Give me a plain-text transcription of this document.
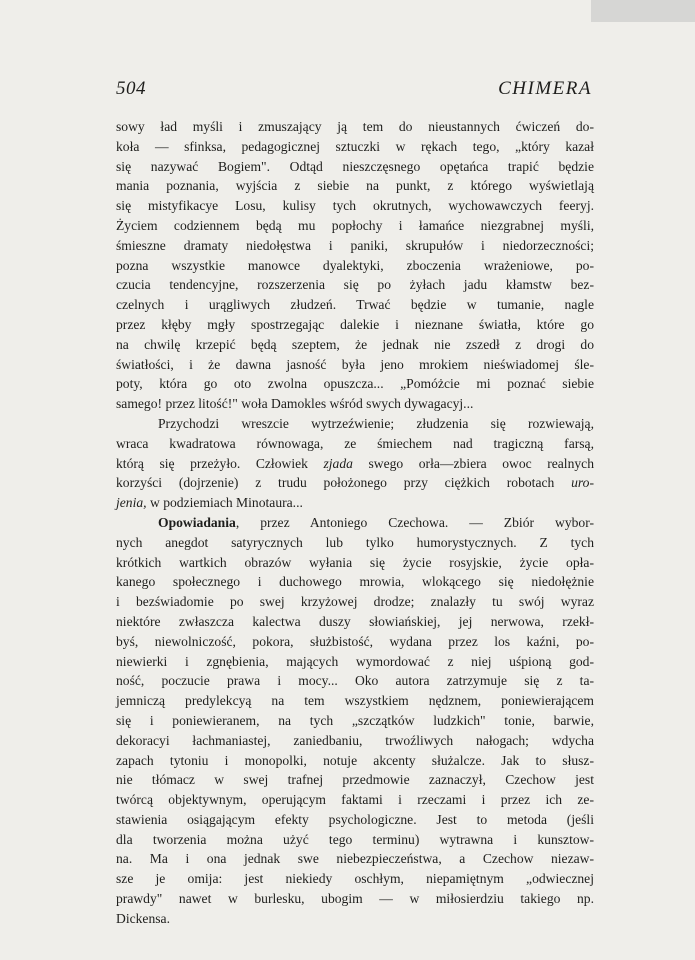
504	CHIMERA
sowy ład myśli i zmuszający ją tem do nieustannych ćwiczeń do-
koła — sfinksa, pedagogicznej sztuczki w rękach tego, „który kazał
się nazywać Bogiem". Odtąd nieszczęsnego opętańca trapić będzie
mania poznania, wyjścia z siebie na punkt, z którego wyświetlają
się mistyfikacye Losu, kulisy tych okrutnych, wychowawczych feeryj.
Życiem codziennem będą mu popłochy i łamańce niezgrabnej myśli,
śmieszne dramaty niedołęstwa i paniki, skrupułów i niedorzeczności;
pozna wszystkie manowce dyalektyki, zboczenia wrażeniowe, po-
czucia tendencyjne, rozszerzenia się po żyłach jadu kłamstw bez-
czelnych i urągliwych złudzeń. Trwać będzie w tumanie, nagle
przez kłęby mgły spostrzegając dalekie i nieznane światła, które go
na chwilę krzepić będą szeptem, że jednak nie zszedł z drogi do
światłości, i że dawna jasność była jeno mrokiem nieświadomej śle-
poty, która go oto zwolna opuszcza... „Pomóżcie mi poznać siebie
samego! przez litość!" woła Damokles wśród swych dywagacyj...
Przychodzi wreszcie wytrzeźwienie; złudzenia się rozwiewają,
wraca kwadratowa równowaga, ze śmiechem nad tragiczną farsą,
którą się przeżyło. Człowiek zjada swego orła—zbiera owoc realnych
korzyści (dojrzenie) z trudu położonego przy ciężkich robotach uro-
jenia, w podziemiach Minotaura...
Opowiadania, przez Antoniego Czechowa. — Zbiór wybor-
nych anegdot satyrycznych lub tylko humorystycznych. Z tych
krótkich wartkich obrazów wyłania się życie rosyjskie, życie opła-
kanego społecznego i duchowego mrowia, wlokącego się niedołężnie
i bezświadomie po swej krzyżowej drodze; znalazły tu swój wyraz
niektóre zwłaszcza kalectwa duszy słowiańskiej, jej nerwowa, rzekł-
byś, niewolniczość, pokora, służbistość, wydana przez los kaźni, po-
niewierki i zgnębienia, mających wymordować z niej uśpioną god-
ność, poczucie prawa i mocy... Oko autora zatrzymuje się z ta-
jemniczą predylekcyą na tem wszystkiem nędznem, poniewierającem
się i poniewieranem, na tych „szczątków ludzkich" tonie, barwie,
dekoracyi łachmaniastej, zaniedbaniu, trwoźliwych nałogach; wdycha
zapach tytoniu i monopolki, notuje akcenty służalcze. Jak to słusz-
nie tłómacz w swej trafnej przedmowie zaznaczył, Czechow jest
twórcą objektywnym, operującym faktami i rzeczami i przez ich ze-
stawienia osiągającym efekty psychologiczne. Jest to metoda (jeśli
dla tworzenia można użyć tego terminu) wytrawna i kunsztow-
na. Ma i ona jednak swe niebezpieczeństwa, a Czechow niezaw-
sze je omija: jest niekiedy oschłym, niepamiętnym „odwiecznej
prawdy" nawet w burlesku, ubogim — w miłosierdziu takiego np.
Dickensa.
